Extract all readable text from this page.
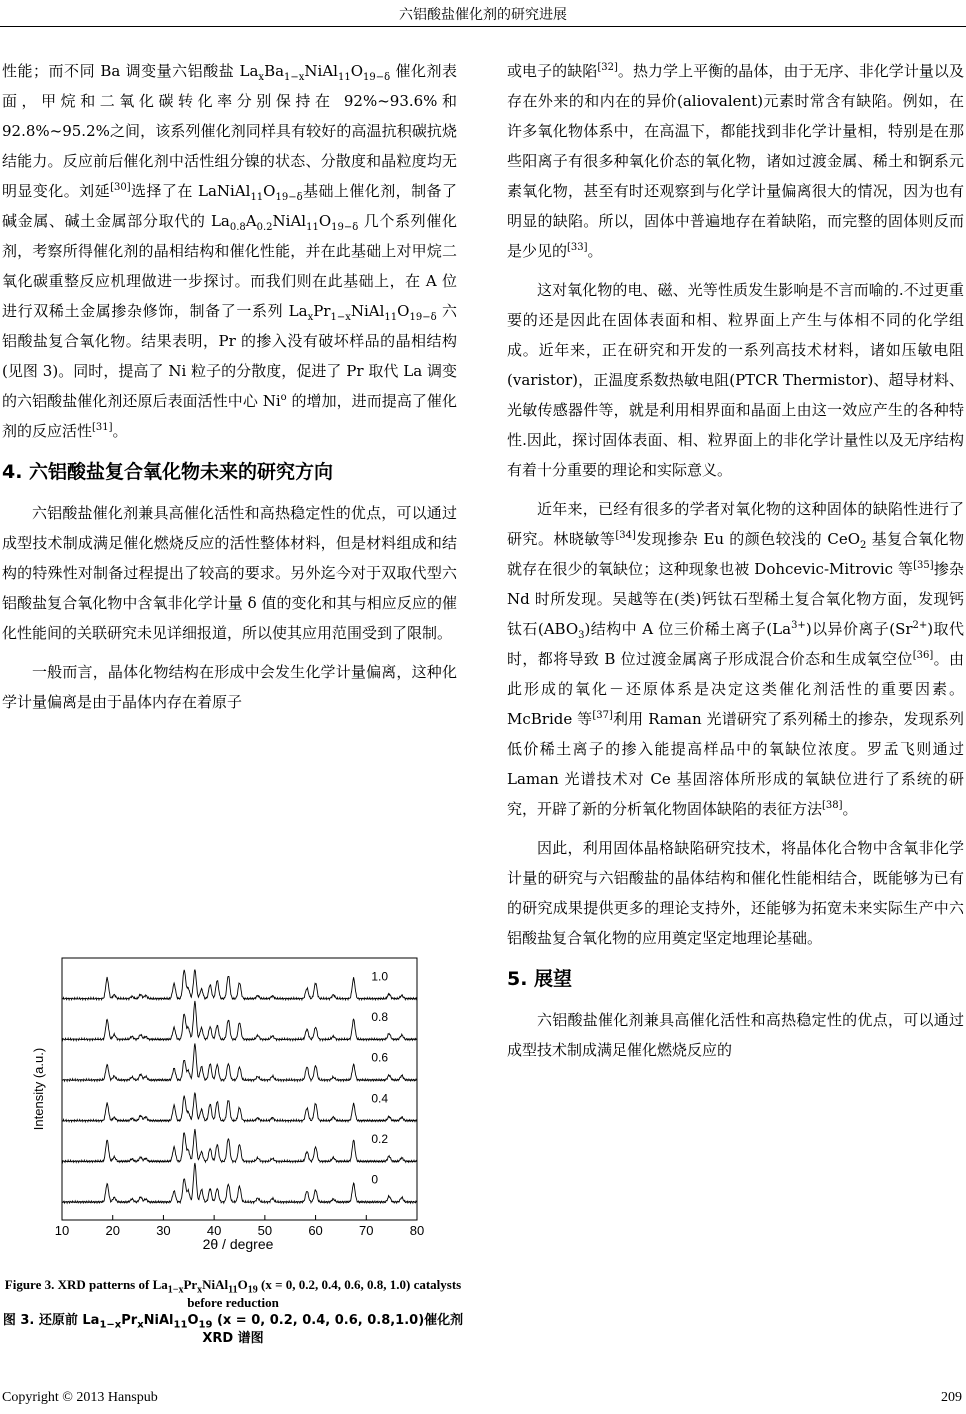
六铝酸盐催化剂的研究进展

性能；而不同 Ba 调变量六铝酸盐 $La_xBa_{1-x}NiAl_{11}O_{19-\delta}$ 催化剂表面，甲烷和二氧化碳转化率分别保持在 92%~93.6%和 92.8%~95.2%之间，该系列催化剂同样具有较好的高温抗积碳抗烧结能力。反应前后催化剂中活性组分镍的状态、分散度和晶粒度均无明显变化。刘延[30]选择了在 $LaNiAl_{11}O_{19-\delta}$基础上催化剂，制备了碱金属、碱土金属部分取代的 $La_{0.8}A_{0.2}NiAl_{11}O_{19-\delta}$ 几个系列催化剂，考察所得催化剂的晶相结构和催化性能，并在此基础上对甲烷二氧化碳重整反应机理做进一步探讨。而我们则在此基础上，在 A 位进行双稀土金属掺杂修饰，制备了一系列 $La_xPr_{1-x}NiAl_{11}O_{19-\delta}$ 六铝酸盐复合氧化物。结果表明，Pr 的掺入没有破坏样品的晶相结构(见图 3)。同时，提高了 Ni 粒子的分散度，促进了 Pr 取代 La 调变的六铝酸盐催化剂还原后表面活性中心 Ni$^o$ 的增加，进而提高了催化剂的反应活性[31]。

4. 六铝酸盐复合氧化物未来的研究方向

六铝酸盐催化剂兼具高催化活性和高热稳定性的优点，可以通过成型技术制成满足催化燃烧反应的活性整体材料，但是材料组成和结构的特殊性对制备过程提出了较高的要求。另外迄今对于双取代型六铝酸盐复合氧化物中含氧非化学计量 δ 值的变化和其与相应反应的催化性能间的关联研究未见详细报道，所以使其应用范围受到了限制。

一般而言，晶体化物结构在形成中会发生化学计量偏离，这种化学计量偏离是由于晶体内存在着原子

10	20	30	40	50	60	70	80
2θ / degree
Intensity (a.u.)
0
0.2
0.4
0.6
0.8
1.0
Figure 3. XRD patterns of $La_{1-x}Pr_xNiAl_{11}O_{19}$ (x = 0, 0.2, 0.4, 0.6, 0.8, 1.0) catalysts before reduction
图 3. 还原前 $La_{1-x}Pr_xNiAl_{11}O_{19}$ (x = 0, 0.2, 0.4, 0.6, 0.8,1.0)催化剂 XRD 谱图

或电子的缺陷[32]。热力学上平衡的晶体，由于无序、非化学计量以及存在外来的和内在的异价(aliovalent)元素时常含有缺陷。例如，在许多氧化物体系中，在高温下，都能找到非化学计量相，特别是在那些阳离子有很多种氧化价态的氧化物，诸如过渡金属、稀土和锕系元素氧化物，甚至有时还观察到与化学计量偏离很大的情况，因为也有明显的缺陷。所以，固体中普遍地存在着缺陷，而完整的固体则反而是少见的[33]。

这对氧化物的电、磁、光等性质发生影响是不言而喻的.不过更重要的还是因此在固体表面和相、粒界面上产生与体相不同的化学组成。近年来，正在研究和开发的一系列高技术材料，诸如压敏电阻(varistor)，正温度系数热敏电阻(PTCR Thermistor)、超导材料、光敏传感器件等，就是利用相界面和晶面上由这一效应产生的各种特性.因此，探讨固体表面、相、粒界面上的非化学计量性以及无序结构有着十分重要的理论和实际意义。

近年来，已经有很多的学者对氧化物的这种固体的缺陷性进行了研究。林晓敏等[34]发现掺杂 Eu 的颜色较浅的 CeO$_2$ 基复合氧化物就存在很少的氧缺位；这种现象也被 Dohcevic-Mitrovic 等[35]掺杂 Nd 时所发现。吴越等在(类)钙钛石型稀土复合氧化物方面，发现钙钛石$(ABO_3)$结构中 A 位三价稀土离子$(La^{3+})$以异价离子$(Sr^{2+})$取代时，都将导致 B 位过渡金属离子形成混合价态和生成氧空位[36]。由此形成的氧化－还原体系是决定这类催化剂活性的重要因素。McBride 等[37]利用 Raman 光谱研究了系列稀土的掺杂，发现系列低价稀土离子的掺入能提高样品中的氧缺位浓度。罗孟飞则通过 Laman 光谱技术对 Ce 基固溶体所形成的氧缺位进行了系统的研究，开辟了新的分析氧化物固体缺陷的表征方法[38]。

因此，利用固体晶格缺陷研究技术，将晶体化合物中含氧非化学计量的研究与六铝酸盐的晶体结构和催化性能相结合，既能够为已有的研究成果提供更多的理论支持外，还能够为拓宽未来实际生产中六铝酸盐复合氧化物的应用奠定坚定地理论基础。

5. 展望

六铝酸盐催化剂兼具高催化活性和高热稳定性的优点，可以通过成型技术制成满足催化燃烧反应的

Copyright © 2013 Hanspub	209
